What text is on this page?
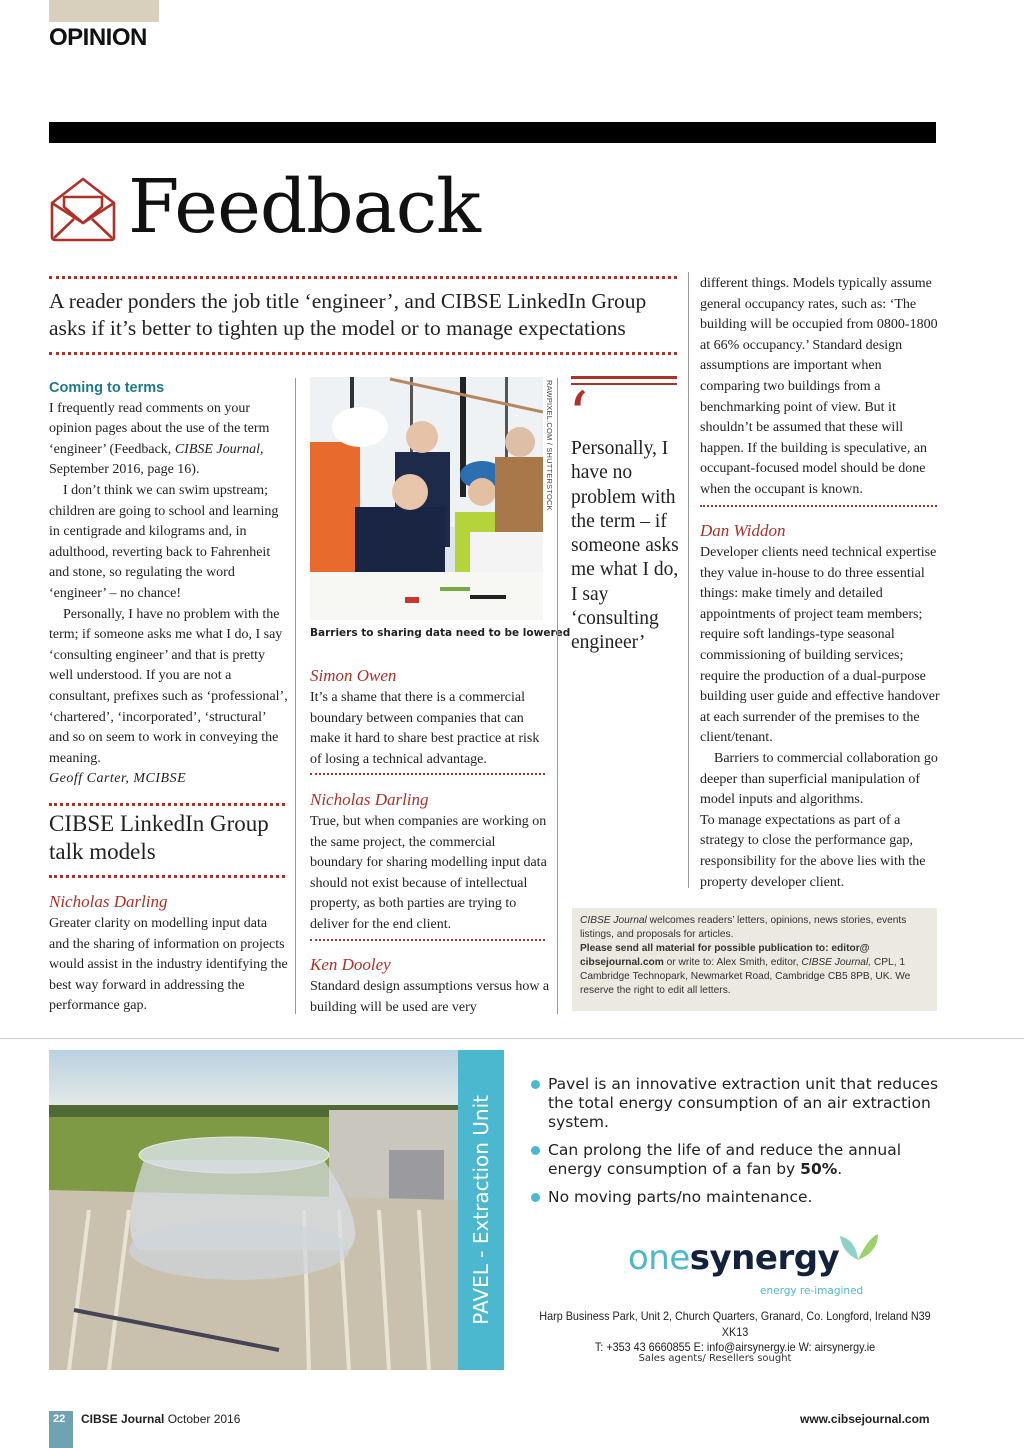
OPINION
Feedback
A reader ponders the job title ‘engineer’, and CIBSE LinkedIn Group asks if it’s better to tighten up the model or to manage expectations
Coming to terms

I frequently read comments on your opinion pages about the use of the term ‘engineer’ (Feedback, CIBSE Journal, September 2016, page 16).

I don’t think we can swim upstream; children are going to school and learning in centigrade and kilograms and, in adulthood, reverting back to Fahrenheit and stone, so regulating the word ‘engineer’ – no chance!

Personally, I have no problem with the term; if someone asks me what I do, I say ‘consulting engineer’ and that is pretty well understood. If you are not a consultant, prefixes such as ‘professional’, ‘chartered’, ‘incorporated’, ‘structural’ and so on seem to work in conveying the meaning.

Geoff Carter, MCIBSE

CIBSE LinkedIn Group talk models
Nicholas Darling

Greater clarity on modelling input data and the sharing of information on projects would assist in the industry identifying the best way forward in addressing the performance gap.

RAWPIXEL.COM / SHUTTERSTOCK
Barriers to sharing data need to be lowered
Simon Owen

It’s a shame that there is a commercial boundary between companies that can make it hard to share best practice at risk of losing a technical advantage.

Nicholas Darling

True, but when companies are working on the same project, the commercial boundary for sharing modelling input data should not exist because of intellectual property, as both parties are trying to deliver for the end client.

Ken Dooley

Standard design assumptions versus how a building will be used are very

‘
Personally, I have no problem with the term – if someone asks me what I do, I say ‘consulting engineer’

different things. Models typically assume general occupancy rates, such as: ‘The building will be occupied from 0800-1800 at 66% occupancy.’ Standard design assumptions are important when comparing two buildings from a benchmarking point of view. But it shouldn’t be assumed that these will happen. If the building is speculative, an occupant-focused model should be done when the occupant is known.

Dan Widdon

Developer clients need technical expertise they value in-house to do three essential things: make timely and detailed appointments of project team members; require soft landings-type seasonal commissioning of building services; require the production of a dual-purpose building user guide and effective handover at each surrender of the premises to the client/tenant.

Barriers to commercial collaboration go deeper than superficial manipulation of model inputs and algorithms.

To manage expectations as part of a strategy to close the performance gap, responsibility for the above lies with the property developer client.

CIBSE Journal welcomes readers’ letters, opinions, news stories, events listings, and proposals for articles.
Please send all material for possible publication to: editor@ cibsejournal.com or write to: Alex Smith, editor, CIBSE Journal, CPL, 1 Cambridge Technopark, Newmarket Road, Cambridge CB5 8PB, UK. We reserve the right to edit all letters.
PAVEL - Extraction Unit
Pavel is an innovative extraction unit that reduces the total energy consumption of an air extraction system.
Can prolong the life of and reduce the annual energy consumption of a fan by 50%.
No moving parts/no maintenance.
onesynergy
energy re-imagined
Harp Business Park, Unit 2, Church Quarters, Granard, Co. Longford, Ireland N39 XK13
T: +353 43 6660855 E: info@airsynergy.ie W: airsynergy.ie
Sales agents/ Resellers sought
22 CIBSE Journal October 2016	www.cibsejournal.com
